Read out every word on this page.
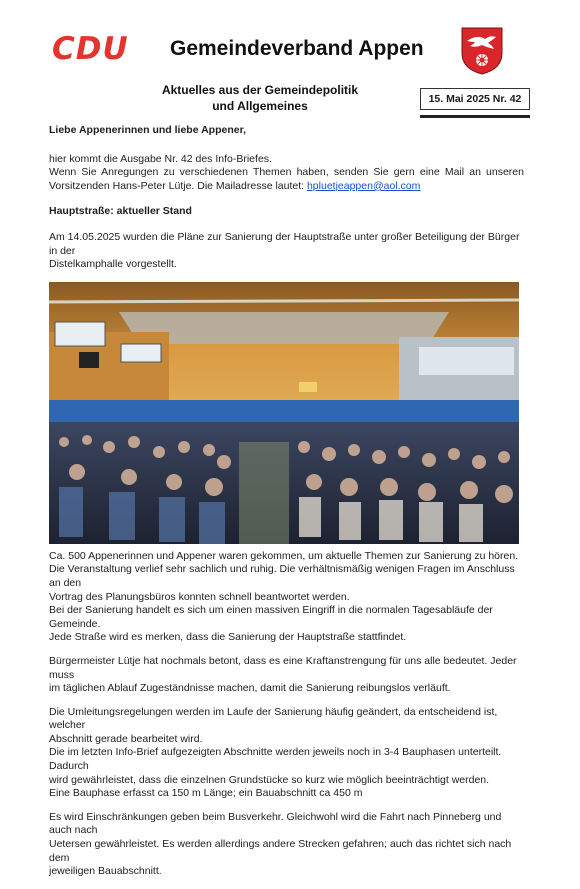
CDU Gemeindeverband Appen
Aktuelles aus der Gemeindepolitik
und Allgemeines	15. Mai 2025 Nr. 42

Liebe Appenerinnen und liebe Appener,

hier kommt die Ausgabe Nr. 42 des Info-Briefes.
Wenn Sie Anregungen zu verschiedenen Themen haben, senden Sie gern eine Mail an unseren
Vorsitzenden Hans-Peter Lütje. Die Mailadresse lautet: hpluetjeappen@aol.com

Hauptstraße: aktueller Stand

Am 14.05.2025 wurden die Pläne zur Sanierung der Hauptstraße unter großer Beteiligung der Bürger in der
Distelkamphalle vorgestellt.

Ca. 500 Appenerinnen und Appener waren gekommen, um aktuelle Themen zur Sanierung zu hören.
Die Veranstaltung verlief sehr sachlich und ruhig. Die verhältnismäßig wenigen Fragen im Anschluss an den
Vortrag des Planungsbüros konnten schnell beantwortet werden.
Bei der Sanierung handelt es sich um einen massiven Eingriff in die normalen Tagesabläufe der Gemeinde.
Jede Straße wird es merken, dass die Sanierung der Hauptstraße stattfindet.

Bürgermeister Lütje hat nochmals betont, dass es eine Kraftanstrengung für uns alle bedeutet. Jeder muss
im täglichen Ablauf Zugeständnisse machen, damit die Sanierung reibungslos verläuft.

Die Umleitungsregelungen werden im Laufe der Sanierung häufig geändert, da entscheidend ist, welcher
Abschnitt gerade bearbeitet wird.
Die im letzten Info-Brief aufgezeigten Abschnitte werden jeweils noch in 3-4 Bauphasen unterteilt. Dadurch
wird gewährleistet, dass die einzelnen Grundstücke so kurz wie möglich beeinträchtigt werden.
Eine Bauphase erfasst ca 150 m Länge; ein Bauabschnitt ca 450 m

Es wird Einschränkungen geben beim Busverkehr. Gleichwohl wird die Fahrt nach Pinneberg und auch nach
Uetersen gewährleistet. Es werden allerdings andere Strecken gefahren; auch das richtet sich nach dem
jeweiligen Bauabschnitt.
